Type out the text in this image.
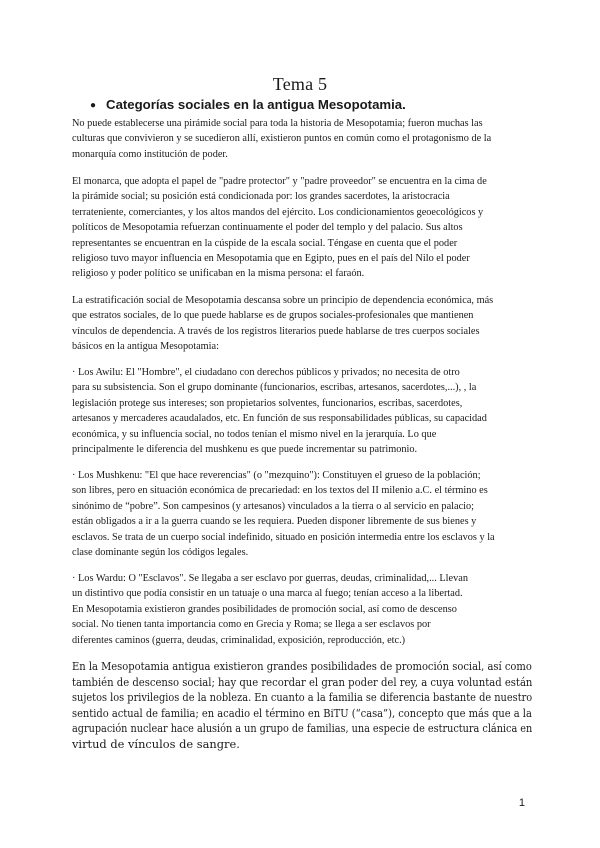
Tema 5
● Categorías sociales en la antigua Mesopotamia.
No puede establecerse una pirámide social para toda la historia de Mesopotamia; fueron muchas las
culturas que convivieron y se sucedieron allí, existieron puntos en común como el protagonismo de la
monarquía como institución de poder.
El monarca, que adopta el papel de "padre protector" y "padre proveedor" se encuentra en la cima de
la pirámide social; su posición está condicionada por: los grandes sacerdotes, la aristocracia
terrateniente, comerciantes, y los altos mandos del ejército. Los condicionamientos geoecológicos y
políticos de Mesopotamia refuerzan continuamente el poder del templo y del palacio. Sus altos
representantes se encuentran en la cúspide de la escala social. Téngase en cuenta que el poder
religioso tuvo mayor influencia en Mesopotamia que en Egipto, pues en el país del Nilo el poder
religioso y poder político se unificaban en la misma persona: el faraón.
La estratificación social de Mesopotamia descansa sobre un principio de dependencia económica, más
que estratos sociales, de lo que puede hablarse es de grupos sociales-profesionales que mantienen
vínculos de dependencia. A través de los registros literarios puede hablarse de tres cuerpos sociales
básicos en la antigua Mesopotamia:
· Los Awilu: El "Hombre", el ciudadano con derechos públicos y privados; no necesita de otro
para su subsistencia. Son el grupo dominante (funcionarios, escribas, artesanos, sacerdotes,...), , la
legislación protege sus intereses; son propietarios solventes, funcionarios, escribas, sacerdotes,
artesanos y mercaderes acaudalados, etc. En función de sus responsabilidades públicas, su capacidad
económica, y su influencia social, no todos tenían el mismo nivel en la jerarquía. Lo que
principalmente le diferencia del mushkenu es que puede incrementar su patrimonio.
· Los Mushkenu: "El que hace reverencias" (o "mezquino"): Constituyen el grueso de la población;
son libres, pero en situación económica de precariedad: en los textos del II milenio a.C. el término es
sinónimo de “pobre”. Son campesinos (y artesanos) vinculados a la tierra o al servicio en palacio;
están obligados a ir a la guerra cuando se les requiera. Pueden disponer libremente de sus bienes y
esclavos. Se trata de un cuerpo social indefinido, situado en posición intermedia entre los esclavos y la
clase dominante según los códigos legales.
· Los Wardu: O "Esclavos". Se llegaba a ser esclavo por guerras, deudas, criminalidad,... Llevan
un distintivo que podía consistir en un tatuaje o una marca al fuego; tenían acceso a la libertad.
En Mesopotamia existieron grandes posibilidades de promoción social, así como de descenso
social. No tienen tanta importancia como en Grecia y Roma; se llega a ser esclavos por
diferentes caminos (guerra, deudas, criminalidad, exposición, reproducción, etc.)
En la Mesopotamia antigua existieron grandes posibilidades de promoción social, así como
también de descenso social; hay que recordar el gran poder del rey, a cuya voluntad están
sujetos los privilegios de la nobleza. En cuanto a la familia se diferencia bastante de nuestro
sentido actual de familia; en acadio el término en BiTU (“casa”), concepto que más que a la
agrupación nuclear hace alusión a un grupo de familias, una especie de estructura clánica en
virtud de vínculos de sangre.
1
